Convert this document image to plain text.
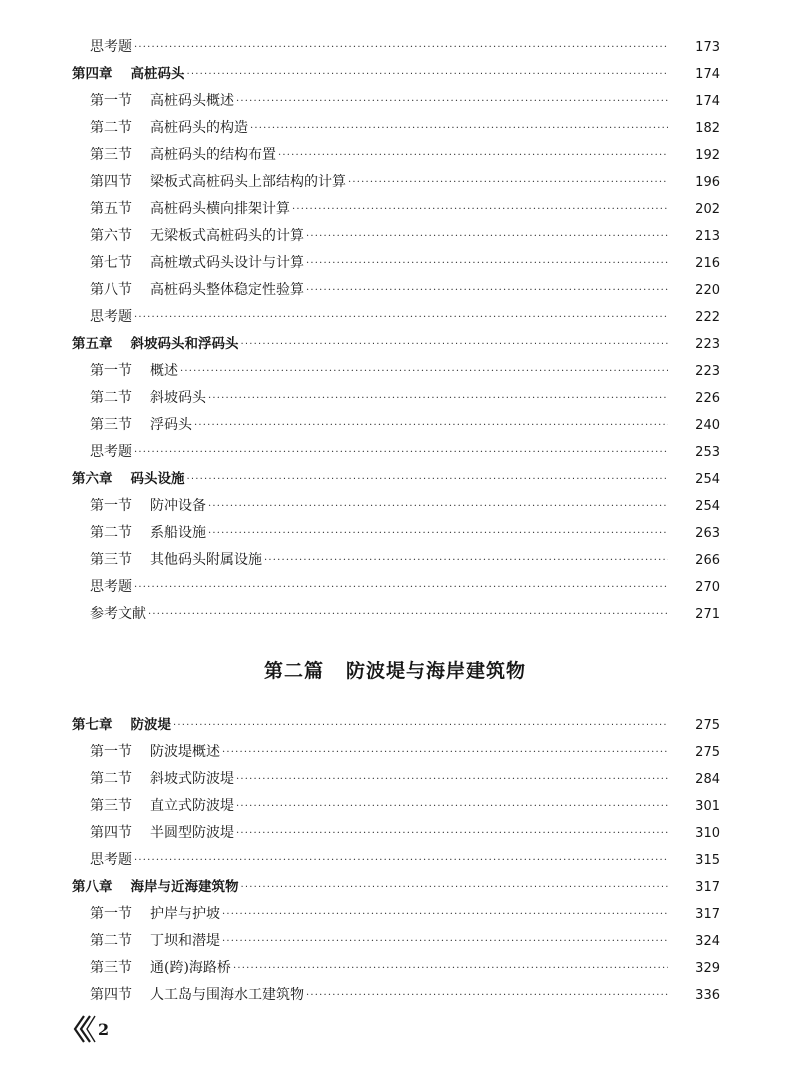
思考题 ·····	173
第四章 高桩码头 ·····	174
第一节 高桩码头概述 ·····	174
第二节 高桩码头的构造 ·····	182
第三节 高桩码头的结构布置 ·····	192
第四节 梁板式高桩码头上部结构的计算 ·····	196
第五节 高桩码头横向排架计算 ·····	202
第六节 无梁板式高桩码头的计算 ·····	213
第七节 高桩墩式码头设计与计算 ·····	216
第八节 高桩码头整体稳定性验算 ·····	220
思考题 ·····	222
第五章 斜坡码头和浮码头 ·····	223
第一节 概述 ·····	223
第二节 斜坡码头 ·····	226
第三节 浮码头 ·····	240
思考题 ·····	253
第六章 码头设施 ·····	254
第一节 防冲设备 ·····	254
第二节 系船设施 ·····	263
第三节 其他码头附属设施 ·····	266
思考题 ·····	270
参考文献 ·····	271
第二篇 防波堤与海岸建筑物
第七章 防波堤 ·····	275
第一节 防波堤概述 ·····	275
第二节 斜坡式防波堤 ·····	284
第三节 直立式防波堤 ·····	301
第四节 半圆型防波堤 ·····	310
思考题 ·····	315
第八章 海岸与近海建筑物 ·····	317
第一节 护岸与护坡 ·····	317
第二节 丁坝和潜堤 ·····	324
第三节 通(跨)海路桥 ·····	329
第四节 人工岛与围海水工建筑物 ·····	336
2
